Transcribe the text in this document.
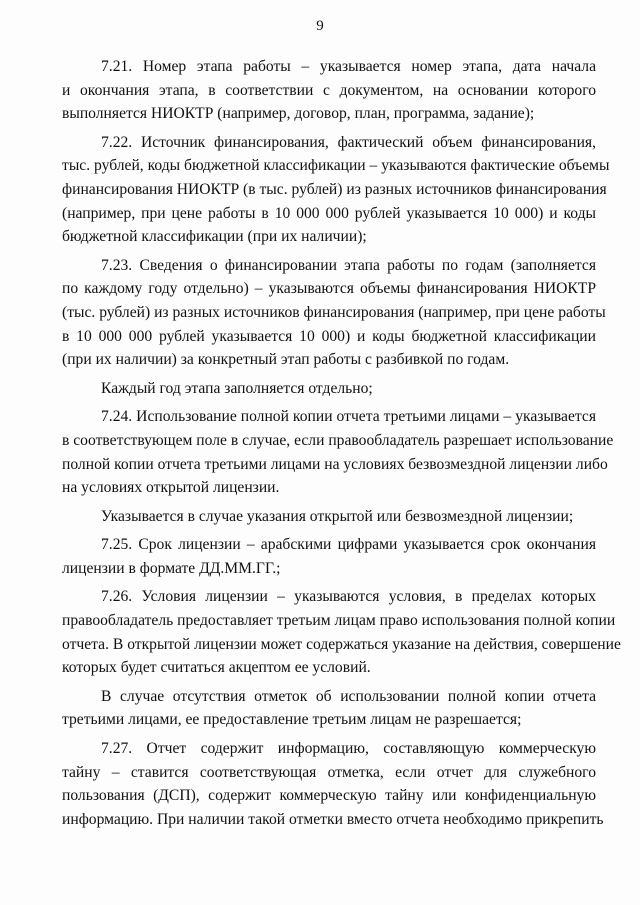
9
7.21. Номер этапа работы – указывается номер этапа, дата начала
и окончания этапа, в соответствии с документом, на основании которого
выполняется НИОКТР (например, договор, план, программа, задание);
7.22. Источник финансирования, фактический объем финансирования,
тыс. рублей, коды бюджетной классификации – указываются фактические объемы
финансирования НИОКТР (в тыс. рублей) из разных источников финансирования
(например, при цене работы в 10 000 000 рублей указывается 10 000) и коды
бюджетной классификации (при их наличии);
7.23. Сведения о финансировании этапа работы по годам (заполняется
по каждому году отдельно) – указываются объемы финансирования НИОКТР
(тыс. рублей) из разных источников финансирования (например, при цене работы
в 10 000 000 рублей указывается 10 000) и коды бюджетной классификации
(при их наличии) за конкретный этап работы с разбивкой по годам.
Каждый год этапа заполняется отдельно;
7.24. Использование полной копии отчета третьими лицами – указывается
в соответствующем поле в случае, если правообладатель разрешает использование
полной копии отчета третьими лицами на условиях безвозмездной лицензии либо
на условиях открытой лицензии.
Указывается в случае указания открытой или безвозмездной лицензии;
7.25. Срок лицензии – арабскими цифрами указывается срок окончания
лицензии в формате ДД.ММ.ГГ.;
7.26. Условия лицензии – указываются условия, в пределах которых
правообладатель предоставляет третьим лицам право использования полной копии
отчета. В открытой лицензии может содержаться указание на действия, совершение
которых будет считаться акцептом ее условий.
В случае отсутствия отметок об использовании полной копии отчета
третьими лицами, ее предоставление третьим лицам не разрешается;
7.27. Отчет содержит информацию, составляющую коммерческую
тайну – ставится соответствующая отметка, если отчет для служебного
пользования (ДСП), содержит коммерческую тайну или конфиденциальную
информацию. При наличии такой отметки вместо отчета необходимо прикрепить
